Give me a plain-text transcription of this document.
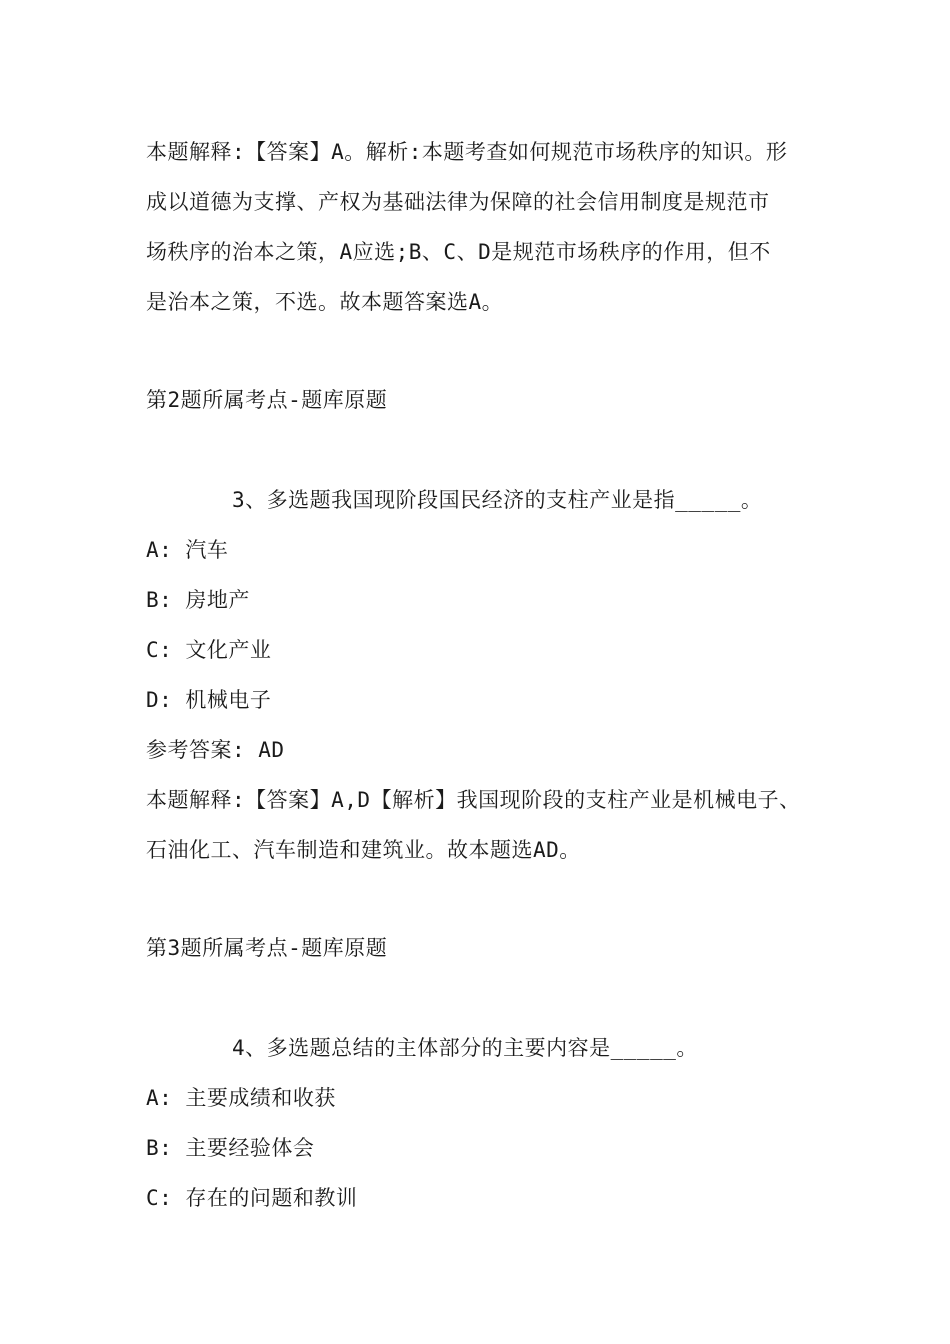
本题解释:【答案】A。解析:本题考查如何规范市场秩序的知识。形
成以道德为支撑、产权为基础法律为保障的社会信用制度是规范市
场秩序的治本之策，A应选;B、C、D是规范市场秩序的作用，但不
是治本之策，不选。故本题答案选A。
第2题所属考点-题库原题
3、多选题我国现阶段国民经济的支柱产业是指_____。
A: 汽车
B: 房地产
C: 文化产业
D: 机械电子
参考答案: AD
本题解释:【答案】A,D【解析】我国现阶段的支柱产业是机械电子、
石油化工、汽车制造和建筑业。故本题选AD。
第3题所属考点-题库原题
4、多选题总结的主体部分的主要内容是_____。
A: 主要成绩和收获
B: 主要经验体会
C: 存在的问题和教训
